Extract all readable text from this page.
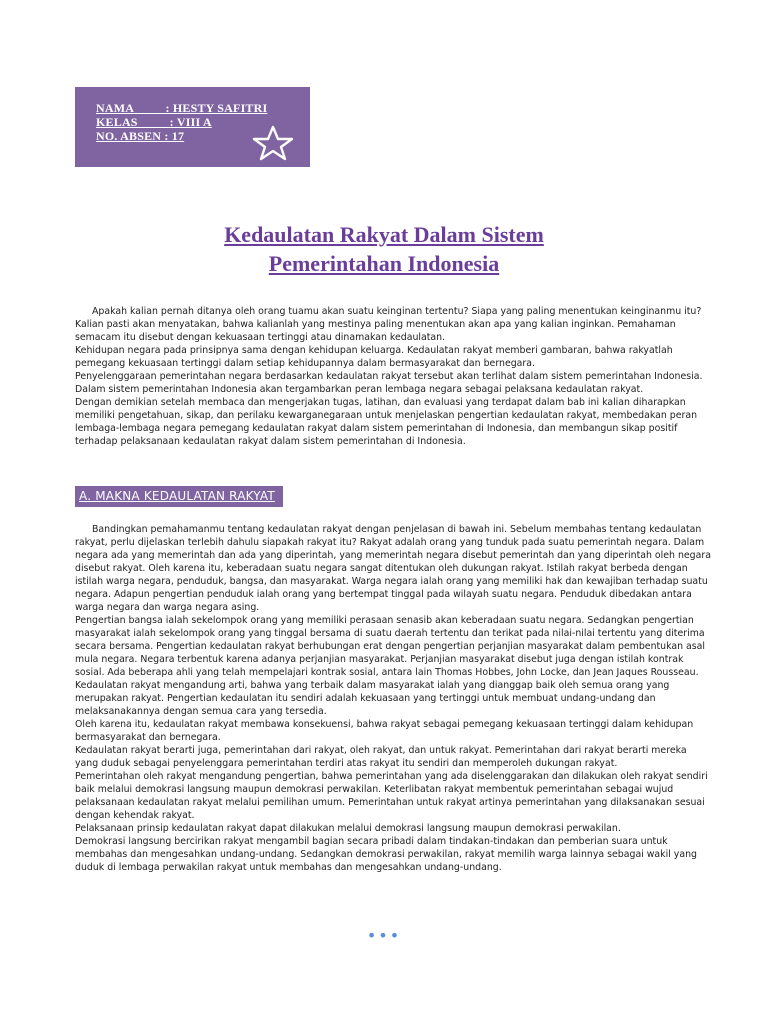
NAMA          : HESTY SAFITRI
KELAS          : VIII A
NO. ABSEN : 17
Kedaulatan Rakyat Dalam Sistem
Pemerintahan Indonesia

Apakah kalian pernah ditanya oleh orang tuamu akan suatu keinginan tertentu? Siapa yang paling menentukan keinginanmu itu? Kalian pasti akan menyatakan, bahwa kalianlah yang mestinya paling menentukan akan apa yang kalian inginkan. Pemahaman semacam itu disebut dengan kekuasaan tertinggi atau dinamakan kedaulatan.

Kehidupan negara pada prinsipnya sama dengan kehidupan keluarga. Kedaulatan rakyat memberi gambaran, bahwa rakyatlah pemegang kekuasaan tertinggi dalam setiap kehidupannya dalam bermasyarakat dan bernegara.

Penyelenggaraan pemerintahan negara berdasarkan kedaulatan rakyat tersebut akan terlihat dalam sistem pemerintahan Indonesia. Dalam sistem pemerintahan Indonesia akan tergambarkan peran lembaga negara sebagai pelaksana kedaulatan rakyat.

Dengan demikian setelah membaca dan mengerjakan tugas, latihan, dan evaluasi yang terdapat dalam bab ini kalian diharapkan memiliki pengetahuan, sikap, dan perilaku kewarganegaraan untuk menjelaskan pengertian kedaulatan rakyat, membedakan peran lembaga-lembaga negara pemegang kedaulatan rakyat dalam sistem pemerintahan di Indonesia, dan membangun sikap positif terhadap pelaksanaan kedaulatan rakyat dalam sistem pemerintahan di Indonesia.

A. MAKNA KEDAULATAN RAKYAT

Bandingkan pemahamanmu tentang kedaulatan rakyat dengan penjelasan di bawah ini. Sebelum membahas tentang kedaulatan rakyat, perlu dijelaskan terlebih dahulu siapakah rakyat itu? Rakyat adalah orang yang tunduk pada suatu pemerintah negara. Dalam negara ada yang memerintah dan ada yang diperintah, yang memerintah negara disebut pemerintah dan yang diperintah oleh negara disebut rakyat. Oleh karena itu, keberadaan suatu negara sangat ditentukan oleh dukungan rakyat. Istilah rakyat berbeda dengan istilah warga negara, penduduk, bangsa, dan masyarakat. Warga negara ialah orang yang memiliki hak dan kewajiban terhadap suatu negara. Adapun pengertian penduduk ialah orang yang bertempat tinggal pada wilayah suatu negara. Penduduk dibedakan antara warga negara dan warga negara asing.

Pengertian bangsa ialah sekelompok orang yang memiliki perasaan senasib akan keberadaan suatu negara. Sedangkan pengertian masyarakat ialah sekelompok orang yang tinggal bersama di suatu daerah tertentu dan terikat pada nilai-nilai tertentu yang diterima secara bersama. Pengertian kedaulatan rakyat berhubungan erat dengan pengertian perjanjian masyarakat dalam pembentukan asal mula negara. Negara terbentuk karena adanya perjanjian masyarakat. Perjanjian masyarakat disebut juga dengan istilah kontrak sosial. Ada beberapa ahli yang telah mempelajari kontrak sosial, antara lain Thomas Hobbes, John Locke, dan Jean Jaques Rousseau. Kedaulatan rakyat mengandung arti, bahwa yang terbaik dalam masyarakat ialah yang dianggap baik oleh semua orang yang merupakan rakyat. Pengertian kedaulatan itu sendiri adalah kekuasaan yang tertinggi untuk membuat undang-undang dan melaksanakannya dengan semua cara yang tersedia.

Oleh karena itu, kedaulatan rakyat membawa konsekuensi, bahwa rakyat sebagai pemegang kekuasaan tertinggi dalam kehidupan bermasyarakat dan bernegara.

Kedaulatan rakyat berarti juga, pemerintahan dari rakyat, oleh rakyat, dan untuk rakyat. Pemerintahan dari rakyat berarti mereka yang duduk sebagai penyelenggara pemerintahan terdiri atas rakyat itu sendiri dan memperoleh dukungan rakyat.

Pemerintahan oleh rakyat mengandung pengertian, bahwa pemerintahan yang ada diselenggarakan dan dilakukan oleh rakyat sendiri baik melalui demokrasi langsung maupun demokrasi perwakilan. Keterlibatan rakyat membentuk pemerintahan sebagai wujud pelaksanaan kedaulatan rakyat melalui pemilihan umum. Pemerintahan untuk rakyat artinya pemerintahan yang dilaksanakan sesuai dengan kehendak rakyat.

Pelaksanaan prinsip kedaulatan rakyat dapat dilakukan melalui demokrasi langsung maupun demokrasi perwakilan.

Demokrasi langsung bercirikan rakyat mengambil bagian secara pribadi dalam tindakan-tindakan dan pemberian suara untuk membahas dan mengesahkan undang-undang. Sedangkan demokrasi perwakilan, rakyat memilih warga lainnya sebagai wakil yang duduk di lembaga perwakilan rakyat untuk membahas dan mengesahkan undang-undang.

•••
